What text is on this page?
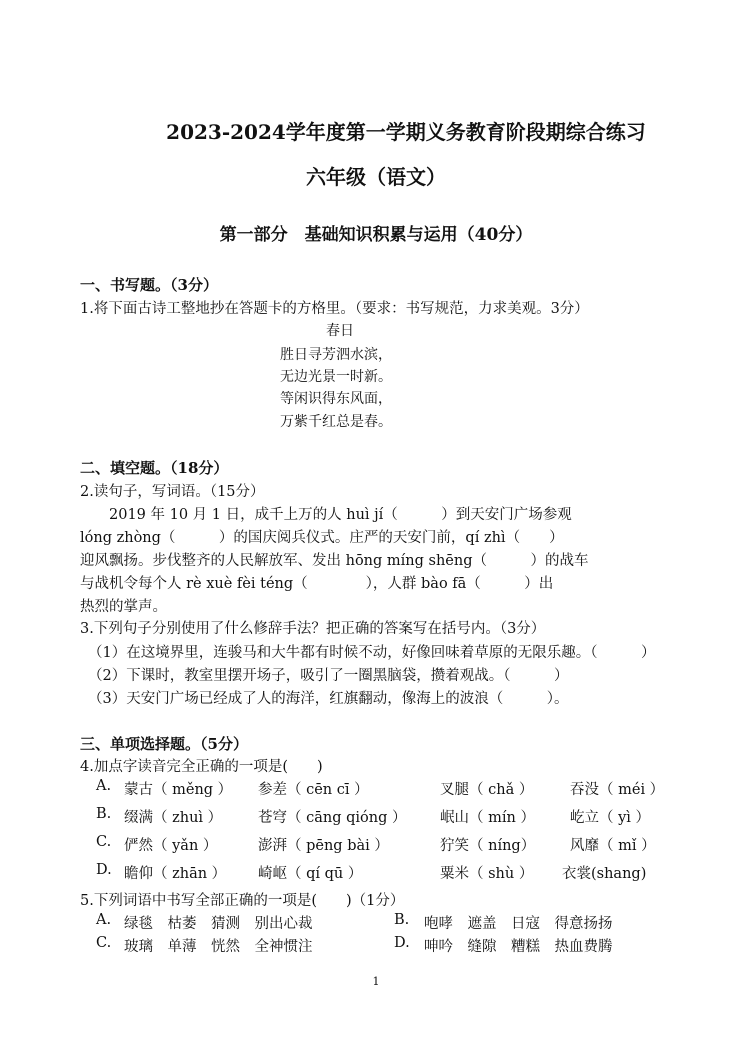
2023-2024学年度第一学期义务教育阶段期综合练习
六年级（语文）
第一部分　基础知识积累与运用（40分）
一、书写题。（3分）
1.将下面古诗工整地抄在答题卡的方格里。（要求：书写规范，力求美观。3分）
春日
胜日寻芳泗水滨，
无边光景一时新。
等闲识得东风面，
万紫千红总是春。
二、填空题。（18分）
2.读句子，写词语。（15分）
　　2019 年 10 月 1 日，成千上万的人 huì jí（　　　）到天安门广场参观
lóng zhòng（　　　）的国庆阅兵仪式。庄严的天安门前，qí zhì（　　）
迎风飘扬。步伐整齐的人民解放军、发出 hōng míng shēng（　　　）的战车
与战机令每个人 rè xuè fèi téng（　　　　），人群 bào fā（　　　）出
热烈的掌声。
3.下列句子分别使用了什么修辞手法？把正确的答案写在括号内。（3分）
（1）在这境界里，连骏马和大牛都有时候不动，好像回味着草原的无限乐趣。（　　　）
（2）下课时，教室里摆开场子，吸引了一圈黑脑袋，攒着观战。（　　　）
（3）天安门广场已经成了人的海洋，红旗翻动，像海上的波浪（　　　）。
三、单项选择题。（5分）
4.加点字读音完全正确的一项是(　　)
A. 蒙古（ měng ） 参差（ cēn cī ）	叉腿（ chǎ ）	吞没（ méi ）
B. 缀满（ zhuì ） 苍穹（ cāng qióng ） 岷山（ mín ） 屹立（ yì ）
C. 俨然（ yǎn ）	澎湃（ pēng bài ）	狞笑（ níng） 风靡（ mǐ ）
D. 瞻仰（ zhān ） 崎岖（ qí qū ）	粟米（ shù ） 衣裳(shang)
5.下列词语中书写全部正确的一项是(　　)（1分）
A. 绿毯　枯萎　猜测　别出心裁	B. 咆哮　遮盖　日寇　得意扬扬
C. 玻璃　单薄　恍然　全神惯注	D. 呻吟　缝隙　糟糕　热血费腾
1
